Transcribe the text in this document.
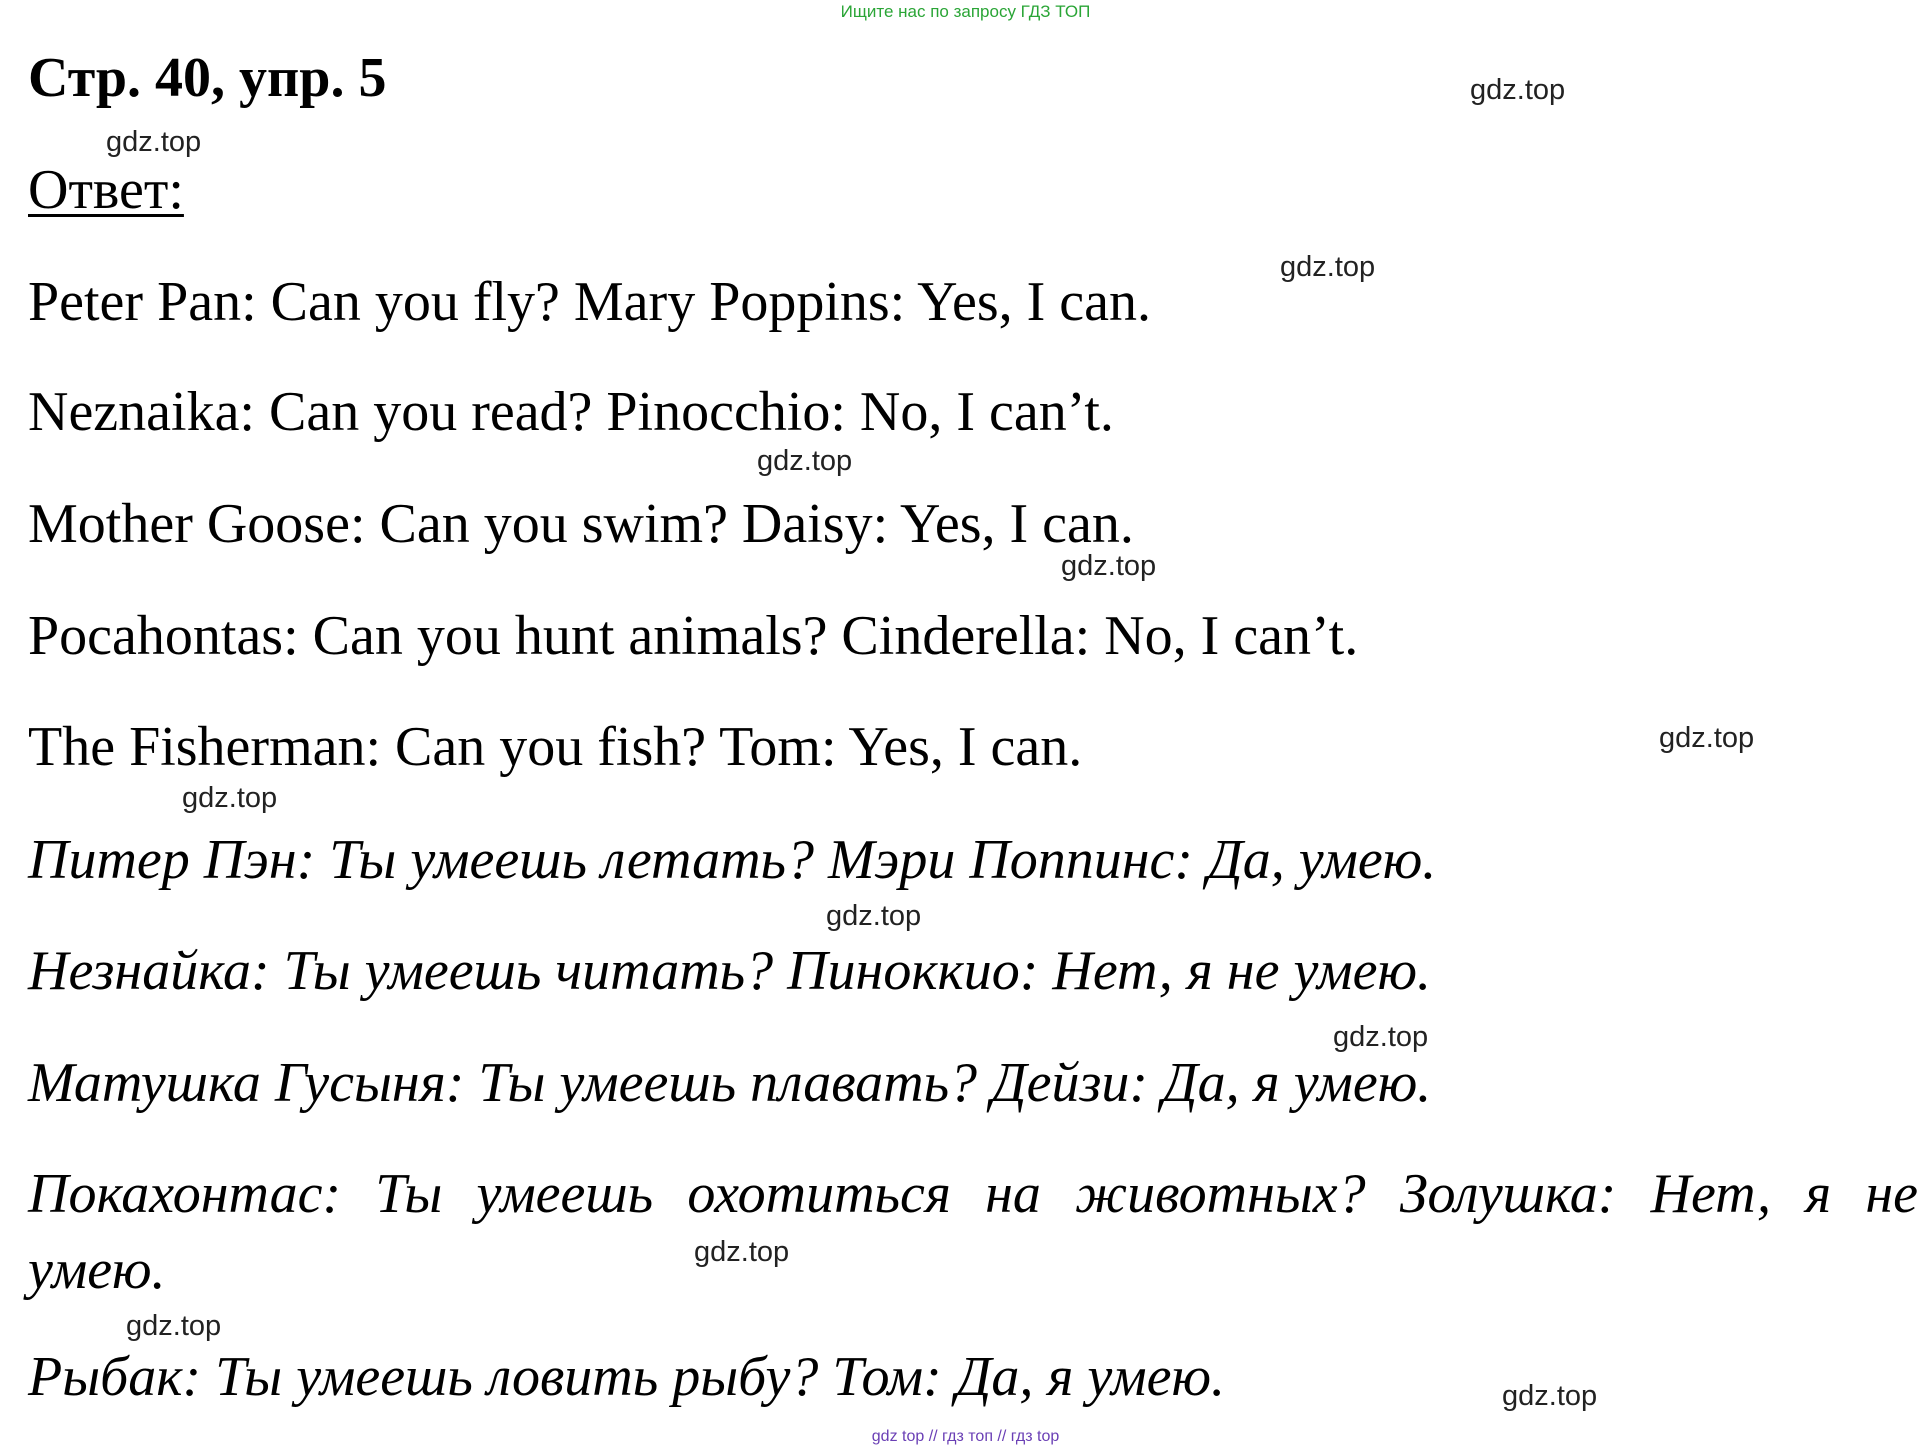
Ищите нас по запросу ГДЗ ТОП
Стр. 40, упр. 5
Ответ:
Peter Pan: Can you fly? Mary Poppins: Yes, I can.
Neznaika: Can you read? Pinocchio: No, I can’t.
Mother Goose: Can you swim? Daisy: Yes, I can.
Pocahontas: Can you hunt animals? Cinderella: No, I can’t.
The Fisherman: Can you fish? Tom: Yes, I can.
Питер Пэн: Ты умеешь летать? Мэри Поппинс: Да, умею.
Незнайка: Ты умеешь читать? Пиноккио: Нет, я не умею.
Матушка Гусыня: Ты умеешь плавать? Дейзи: Да, я умею.
Покахонтас: Ты умеешь охотиться на животных? Золушка: Нет, я не
умею.
Рыбак: Ты умеешь ловить рыбу? Том: Да, я умею.
gdz.top
gdz.top
gdz.top
gdz.top
gdz.top
gdz.top
gdz.top
gdz.top
gdz.top
gdz.top
gdz.top
gdz.top
gdz top // гдз топ // гдз top
